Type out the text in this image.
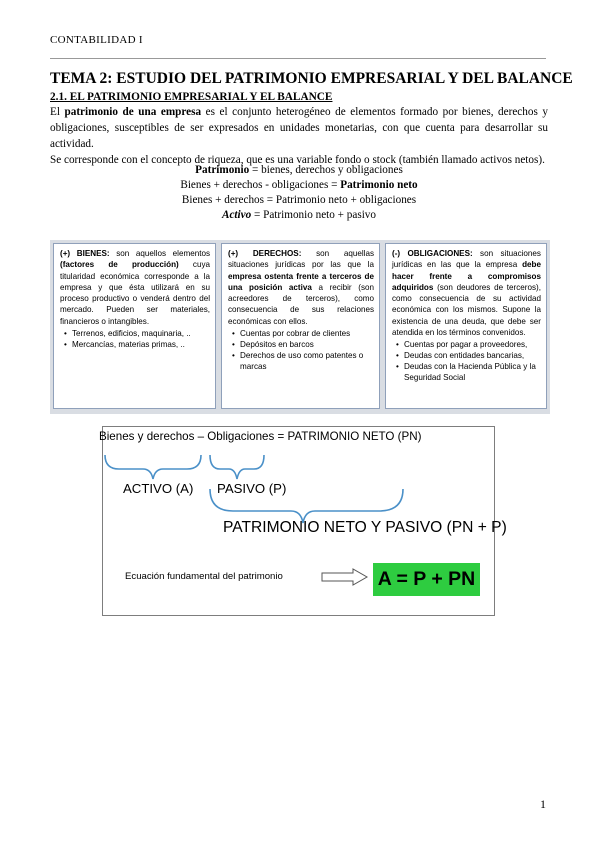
CONTABILIDAD I
TEMA 2: ESTUDIO DEL PATRIMONIO EMPRESARIAL Y DEL BALANCE
2.1. EL PATRIMONIO EMPRESARIAL Y EL BALANCE

El patrimonio de una empresa es el conjunto heterogéneo de elementos formado por bienes, derechos y obligaciones, susceptibles de ser expresados en unidades monetarias, con que cuenta para desarrollar su actividad.

Se corresponde con el concepto de riqueza, que es una variable fondo o stock (también llamado activos netos).

Patrimonio = bienes, derechos y obligaciones
Bienes + derechos - obligaciones = Patrimonio neto
Bienes + derechos = Patrimonio neto + obligaciones
Activo = Patrimonio neto + pasivo

(+) BIENES: son aquellos elementos (factores de producción) cuya titularidad económica corresponde a la empresa y que ésta utilizará en su proceso productivo o venderá dentro del mercado. Pueden ser materiales, financieros o intangibles.

• Terrenos, edificios, maquinaria, ..
• Mercancías, materias primas, ..

(+) DERECHOS: son aquellas situaciones jurídicas por las que la empresa ostenta frente a terceros de una posición activa a recibir (son acreedores de terceros), como consecuencia de sus relaciones económicas con ellos.

• Cuentas por cobrar de clientes
• Depósitos en barcos
• Derechos de uso como patentes o marcas

(-) OBLIGACIONES: son situaciones jurídicas en las que la empresa debe hacer frente a compromisos adquiridos (son deudores de terceros), como consecuencia de su actividad económica con los mismos. Supone la existencia de una deuda, que debe ser atendida en los términos convenidos.

• Cuentas por pagar a proveedores,
• Deudas con entidades bancarias,
• Deudas con la Hacienda Pública y la Seguridad Social
Bienes y derechos – Obligaciones = PATRIMONIO NETO (PN)
ACTIVO (A) PASIVO (P)
PATRIMONIO NETO Y PASIVO (PN + P)
Ecuación fundamental del patrimonio	A = P + PN
1
